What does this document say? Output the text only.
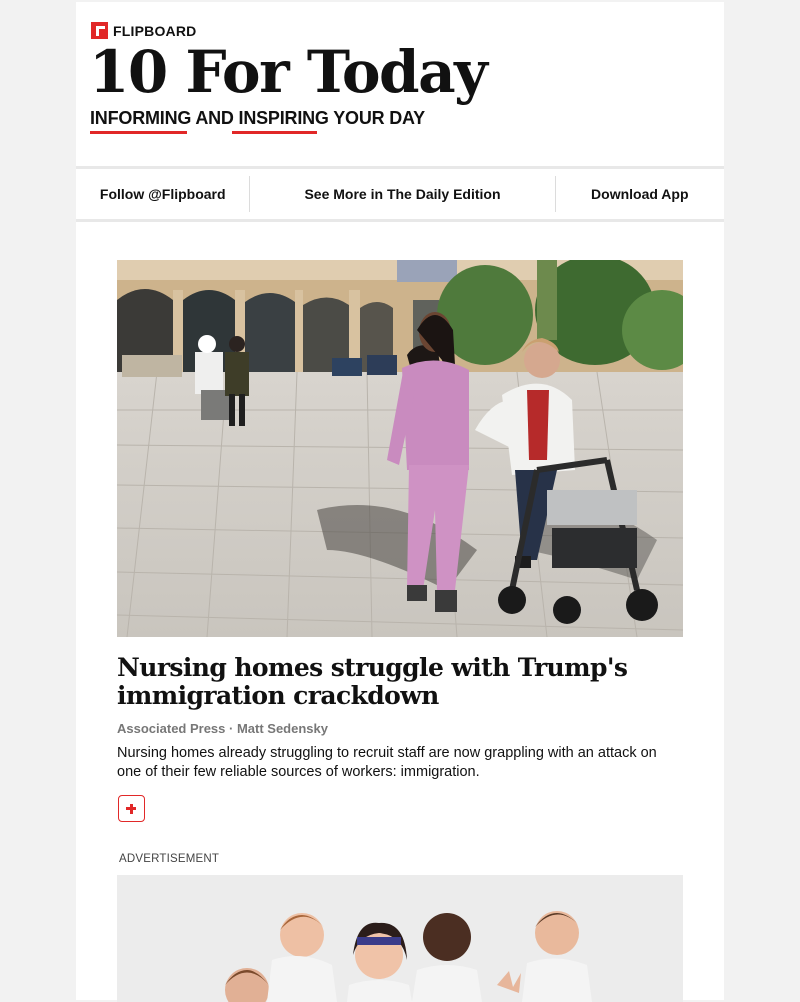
FLIPBOARD
10 For Today
INFORMING AND INSPIRING YOUR DAY
Follow @Flipboard	See More in The Daily Edition	Download App
Nursing homes struggle with Trump's immigration crackdown
Associated Press · Matt Sedensky
Nursing homes already struggling to recruit staff are now grappling with an attack on one of their few reliable sources of workers: immigration.
ADVERTISEMENT
